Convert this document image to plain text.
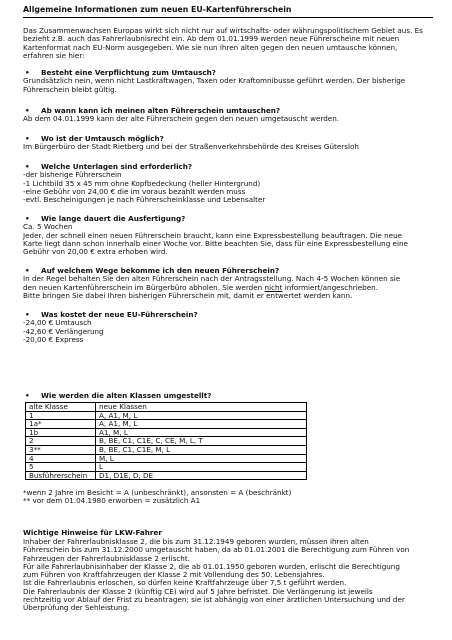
Allgemeine Informationen zum neuen EU-Kartenführerschein
Das Zusammenwachsen Europas wirkt sich nicht nur auf wirtschafts- oder währungspolitischem Gebiet aus. Es
bezieht z.B. auch das Fahrerlaubnisrecht ein. Ab dem 01.01.1999 werden neue Führerscheine mit neuen
Kartenformat nach EU-Norm ausgegeben. Wie sie nun ihren alten gegen den neuen umtausche können,
erfahren sie hier:
•	Besteht eine Verpflichtung zum Umtausch?
Grundsätzlich nein, wenn nicht Lastkraftwagen, Taxen oder Kraftomnibusse geführt werden. Der bisherige
Führerschein bleibt gültig.
•	Ab wann kann ich meinen alten Führerschein umtauschen?
Ab dem 04.01.1999 kann der alte Führerschein gegen den neuen umgetauscht werden.
•	Wo ist der Umtausch möglich?
Im Bürgerbüro der Stadt Rietberg und bei der Straßenverkehrsbehörde des Kreises Gütersloh
•	Welche Unterlagen sind erforderlich?
-der bisherige Führerschein
-1 Lichtbild 35 x 45 mm ohne Kopfbedeckung (heller Hintergrund)
-eine Gebühr von 24,00 € die im voraus bezahlt werden muss
-evtl. Bescheinigungen je nach Führerscheinklasse und Lebensalter
•	Wie lange dauert die Ausfertigung?
Ca. 5 Wochen
Jeder, der schnell einen neuen Führerschein braucht, kann eine Expressbestellung beauftragen. Die neue
Karte liegt dann schon innerhalb einer Woche vor. Bitte beachten Sie, dass für eine Expressbestellung eine
Gebühr von 20,00 € extra erhoben wird.
•	Auf welchem Wege bekomme ich den neuen Führerschein?
In der Regel behalten Sie den alten Führerschein nach der Antragsstellung. Nach 4-5 Wochen können sie
den neuen Kartenführerschein im Bürgerbüro abholen. Sie werden nicht informiert/angeschrieben.
Bitte bringen Sie dabei Ihren bisherigen Führerschein mit, damit er entwertet werden kann.
•	Was kostet der neue EU-Führerschein?
-24,00 € Umtausch
-42,60 € Verlängerung
-20,00 € Express
•	Wie werden die alten Klassen umgestellt?
alte Klasse	neue Klassen
1	A, A1, M, L
1a*	A, A1, M, L
1b	A1, M, L
2	B, BE, C1, C1E, C, CE, M, L, T
3**	B, BE, C1, C1E, M, L
4	M, L
5	L
Busführerschein	D1, D1E, D, DE
*wenn 2 Jahre im Besicht = A (unbeschränkt), ansonsten = A (beschränkt)
** vor dem 01.04.1980 erworben = zusätzlich A1
Wichtige Hinweise für LKW-Fahrer
Inhaber der Fahrerlaubnisklasse 2, die bis zum 31.12.1949 geboren wurden, müssen ihren alten
Führerschein bis zum 31.12.2000 umgetauscht haben, da ab 01.01.2001 die Berechtigung zum Führen von
Fahrzeugen der Fahrerlaubnisklasse 2 erlischt.
Für alle Fahrerlaubnisinhaber der Klasse 2, die ab 01.01.1950 geboren wurden, erlischt die Berechtigung
zum Führen von Kraftfahrzeugen der Klasse 2 mit Vollendung des 50. Lebensjahres.
Ist die Fahrerlaubnis erloschen, so dürfen keine Kraftfahrzeuge über 7,5 t geführt werden.
Die Fahrerlaubnis der Klasse 2 (künftig CE) wird auf 5 Jahre befristet. Die Verlängerung ist jeweils
rechtzeitig vor Ablauf der Frist zu beantragen; sie ist abhängig von einer ärztlichen Untersuchung und der
Überprüfung der Sehleistung.
